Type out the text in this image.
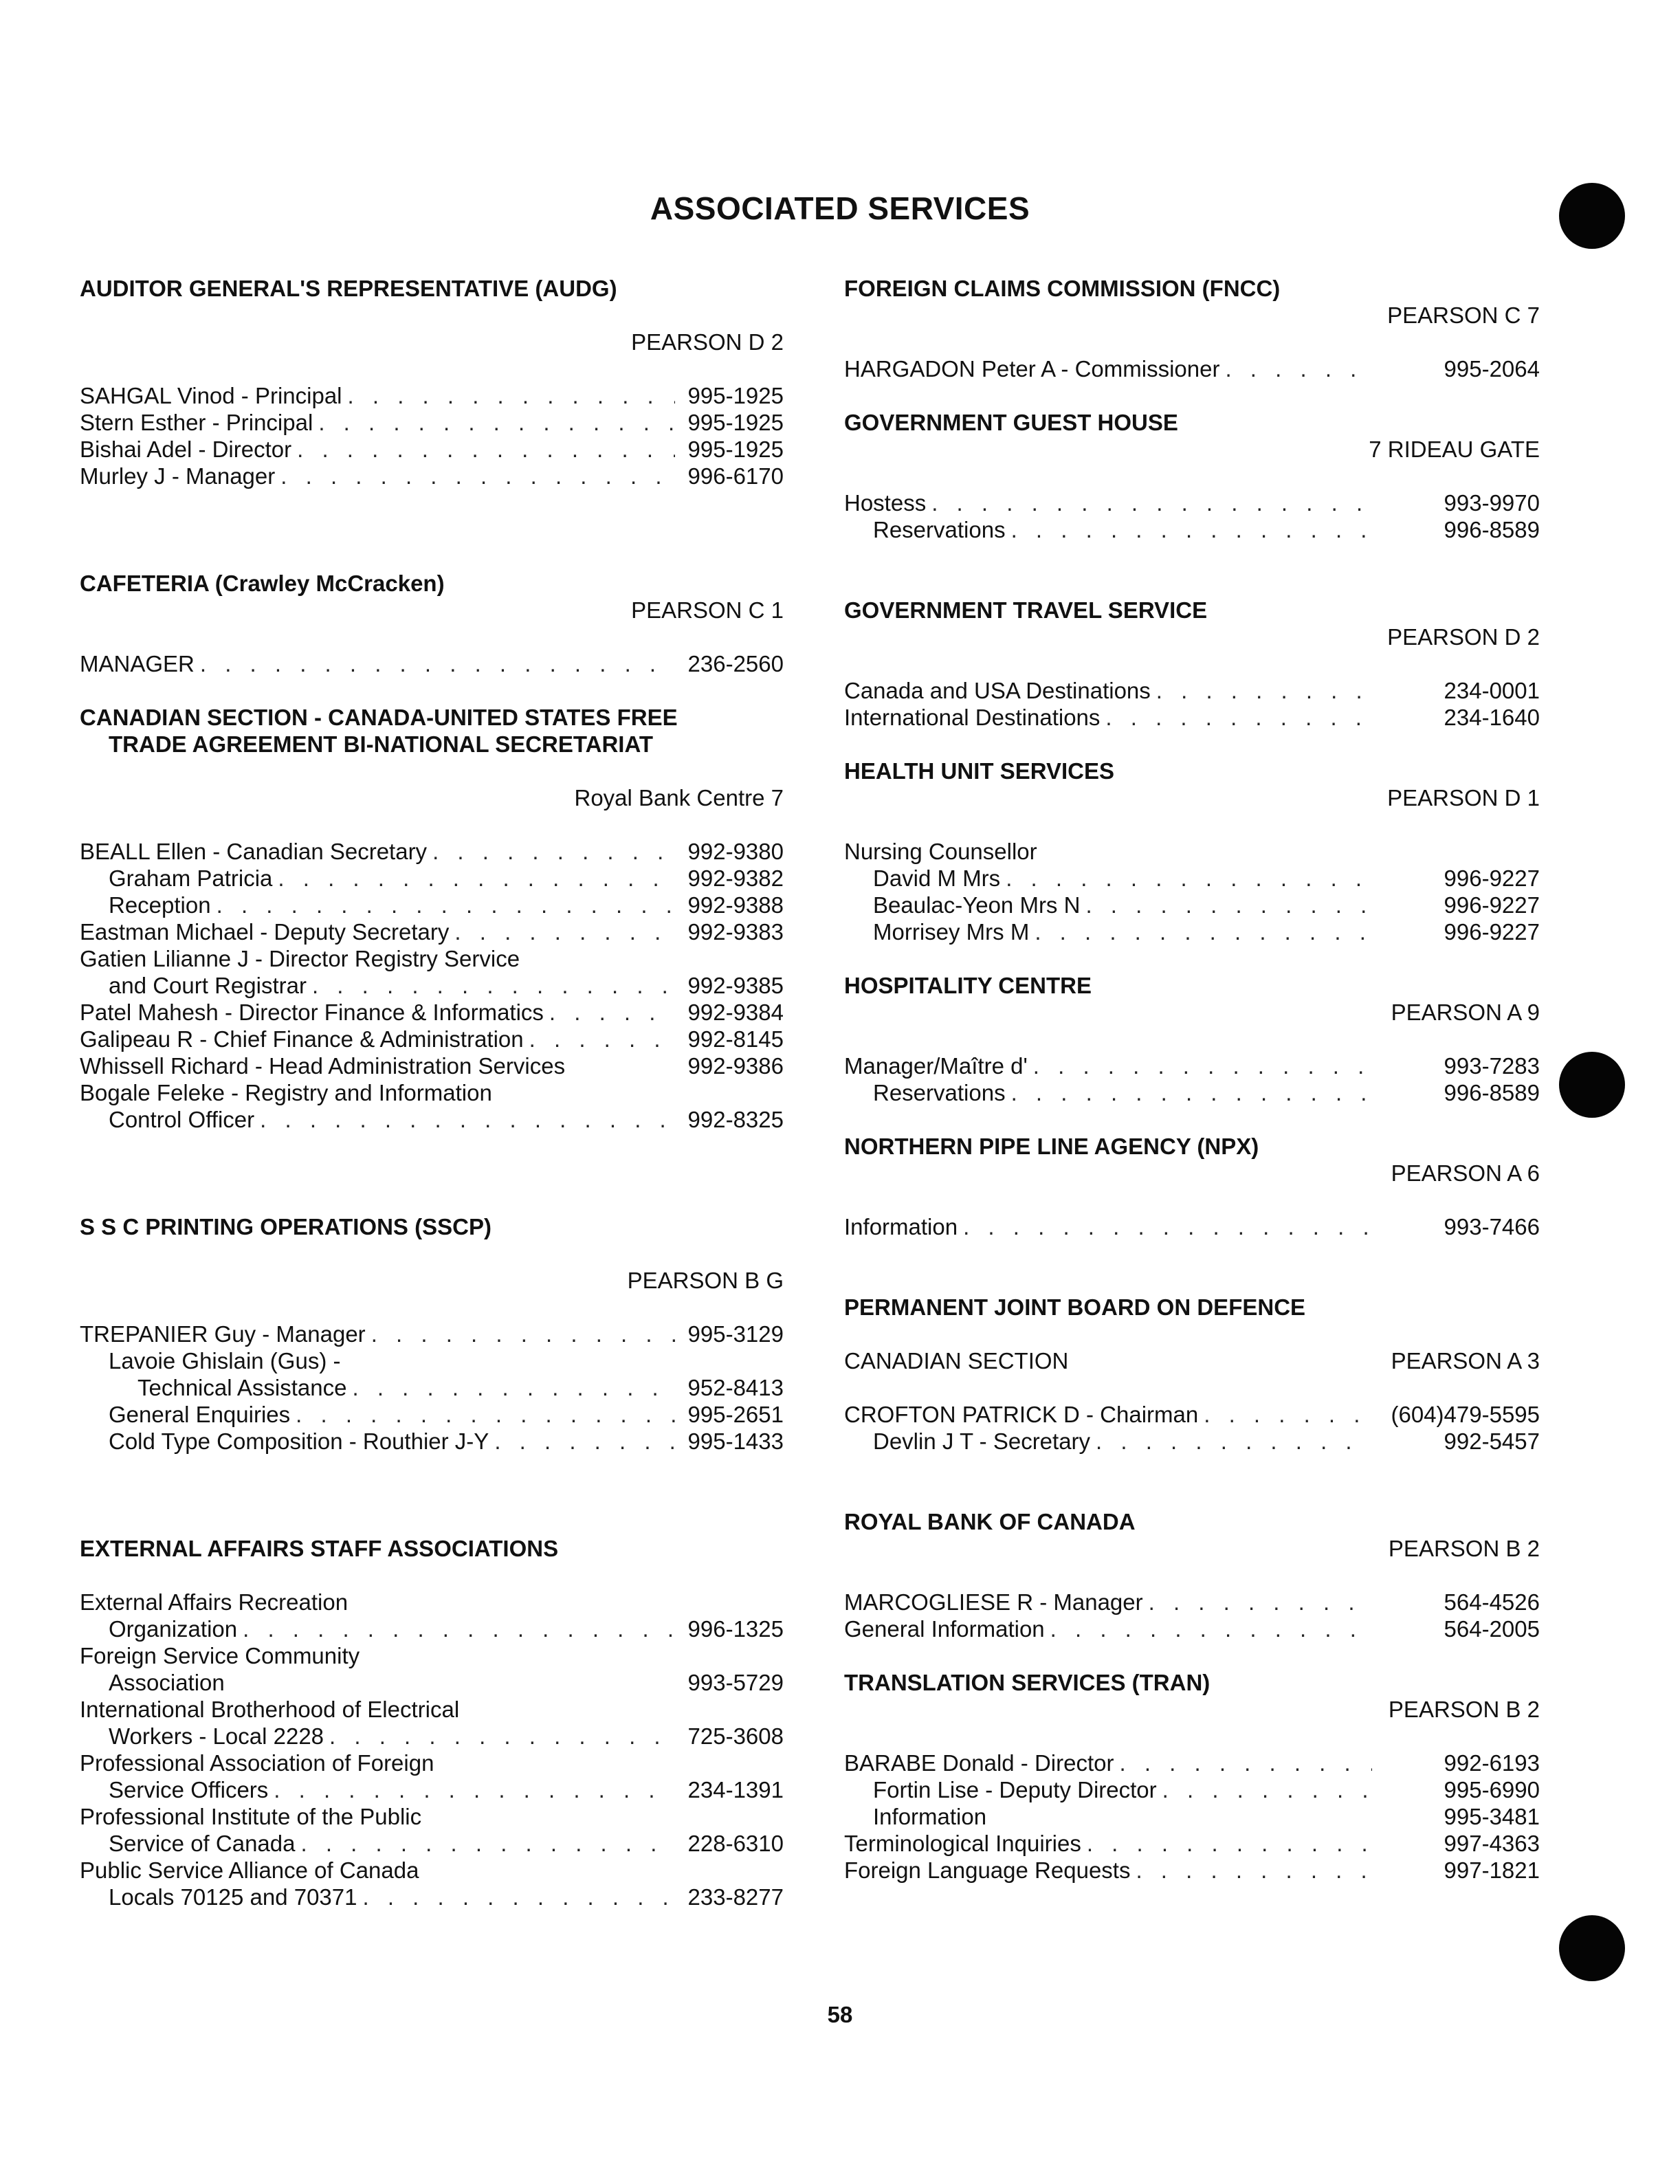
ASSOCIATED SERVICES
AUDITOR GENERAL'S REPRESENTATIVE (AUDG)
PEARSON D 2
SAHGAL Vinod - Principal . . .	995-1925
Stern Esther - Principal . . .	995-1925
Bishai Adel - Director . . .	995-1925
Murley J - Manager . . .	996-6170
CAFETERIA (Crawley McCracken)
PEARSON C 1
MANAGER . . .	236-2560
CANADIAN SECTION - CANADA-UNITED STATES FREE
TRADE AGREEMENT BI-NATIONAL SECRETARIAT
Royal Bank Centre 7
BEALL Ellen - Canadian Secretary . . .	992-9380
Graham Patricia . . .	992-9382
Reception . . .	992-9388
Eastman Michael - Deputy Secretary . . .	992-9383
Gatien Lilianne J - Director Registry Service
and Court Registrar . . .	992-9385
Patel Mahesh - Director Finance & Informatics . . .	992-9384
Galipeau R - Chief Finance & Administration . . .	992-8145
Whissell Richard - Head Administration Services	992-9386
Bogale Feleke - Registry and Information
Control Officer . . .	992-8325
S S C PRINTING OPERATIONS (SSCP)
PEARSON B G
TREPANIER Guy - Manager . . .	995-3129
Lavoie Ghislain (Gus) -
Technical Assistance . . .	952-8413
General Enquiries . . .	995-2651
Cold Type Composition - Routhier J-Y . . .	995-1433
EXTERNAL AFFAIRS STAFF ASSOCIATIONS
External Affairs Recreation
Organization . . .	996-1325
Foreign Service Community
Association	993-5729
International Brotherhood of Electrical
Workers - Local 2228 . . .	725-3608
Professional Association of Foreign
Service Officers . . .	234-1391
Professional Institute of the Public
Service of Canada . . .	228-6310
Public Service Alliance of Canada
Locals 70125 and 70371 . . .	233-8277
FOREIGN CLAIMS COMMISSION (FNCC)
PEARSON C 7
HARGADON Peter A - Commissioner . . .	995-2064
GOVERNMENT GUEST HOUSE
7 RIDEAU GATE
Hostess . . .	993-9970
Reservations . . .	996-8589
GOVERNMENT TRAVEL SERVICE
PEARSON D 2
Canada and USA Destinations . . .	234-0001
International Destinations . . .	234-1640
HEALTH UNIT SERVICES
PEARSON D 1
Nursing Counsellor
David M Mrs . . .	996-9227
Beaulac-Yeon Mrs N . . .	996-9227
Morrisey Mrs M . . .	996-9227
HOSPITALITY CENTRE
PEARSON A 9
Manager/Maître d' . . .	993-7283
Reservations . . .	996-8589
NORTHERN PIPE LINE AGENCY (NPX)
PEARSON A 6
Information . . .	993-7466
PERMANENT JOINT BOARD ON DEFENCE
CANADIAN SECTION	PEARSON A 3
CROFTON PATRICK D - Chairman . . .	(604)479-5595
Devlin J T - Secretary . . .	992-5457
ROYAL BANK OF CANADA
PEARSON B 2
MARCOGLIESE R - Manager . . .	564-4526
General Information . . .	564-2005
TRANSLATION SERVICES (TRAN)
PEARSON B 2
BARABE Donald - Director . . .	992-6193
Fortin Lise - Deputy Director . . .	995-6990
Information	995-3481
Terminological Inquiries . . .	997-4363
Foreign Language Requests . . .	997-1821
58
